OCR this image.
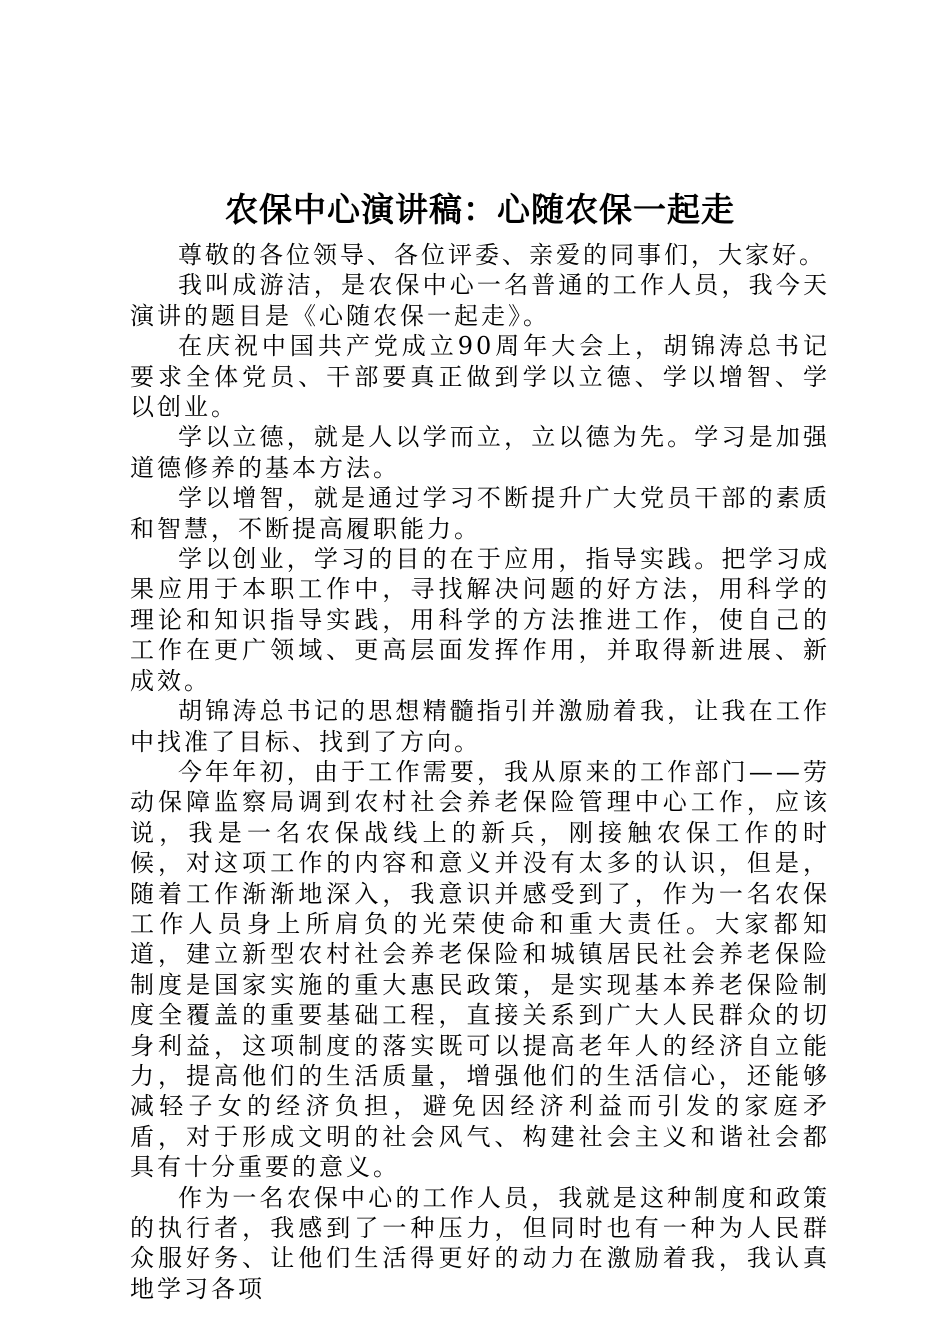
农保中心演讲稿：心随农保一起走

尊敬的各位领导、各位评委、亲爱的同事们，大家好。

我叫成游洁，是农保中心一名普通的工作人员，我今天演讲的题目是《心随农保一起走》。

在庆祝中国共产党成立90周年大会上，胡锦涛总书记要求全体党员、干部要真正做到学以立德、学以增智、学以创业。

学以立德，就是人以学而立，立以德为先。学习是加强道德修养的基本方法。

学以增智，就是通过学习不断提升广大党员干部的素质和智慧，不断提高履职能力。

学以创业，学习的目的在于应用，指导实践。把学习成果应用于本职工作中，寻找解决问题的好方法，用科学的理论和知识指导实践，用科学的方法推进工作，使自己的工作在更广领域、更高层面发挥作用，并取得新进展、新成效。

胡锦涛总书记的思想精髓指引并激励着我，让我在工作中找准了目标、找到了方向。

今年年初，由于工作需要，我从原来的工作部门——劳动保障监察局调到农村社会养老保险管理中心工作，应该说，我是一名农保战线上的新兵，刚接触农保工作的时候，对这项工作的内容和意义并没有太多的认识，但是，随着工作渐渐地深入，我意识并感受到了，作为一名农保工作人员身上所肩负的光荣使命和重大责任。大家都知道，建立新型农村社会养老保险和城镇居民社会养老保险制度是国家实施的重大惠民政策，是实现基本养老保险制度全覆盖的重要基础工程，直接关系到广大人民群众的切身利益，这项制度的落实既可以提高老年人的经济自立能力，提高他们的生活质量，增强他们的生活信心，还能够减轻子女的经济负担，避免因经济利益而引发的家庭矛盾，对于形成文明的社会风气、构建社会主义和谐社会都具有十分重要的意义。

作为一名农保中心的工作人员，我就是这种制度和政策的执行者，我感到了一种压力，但同时也有一种为人民群众服好务、让他们生活得更好的动力在激励着我，我认真地学习各项
